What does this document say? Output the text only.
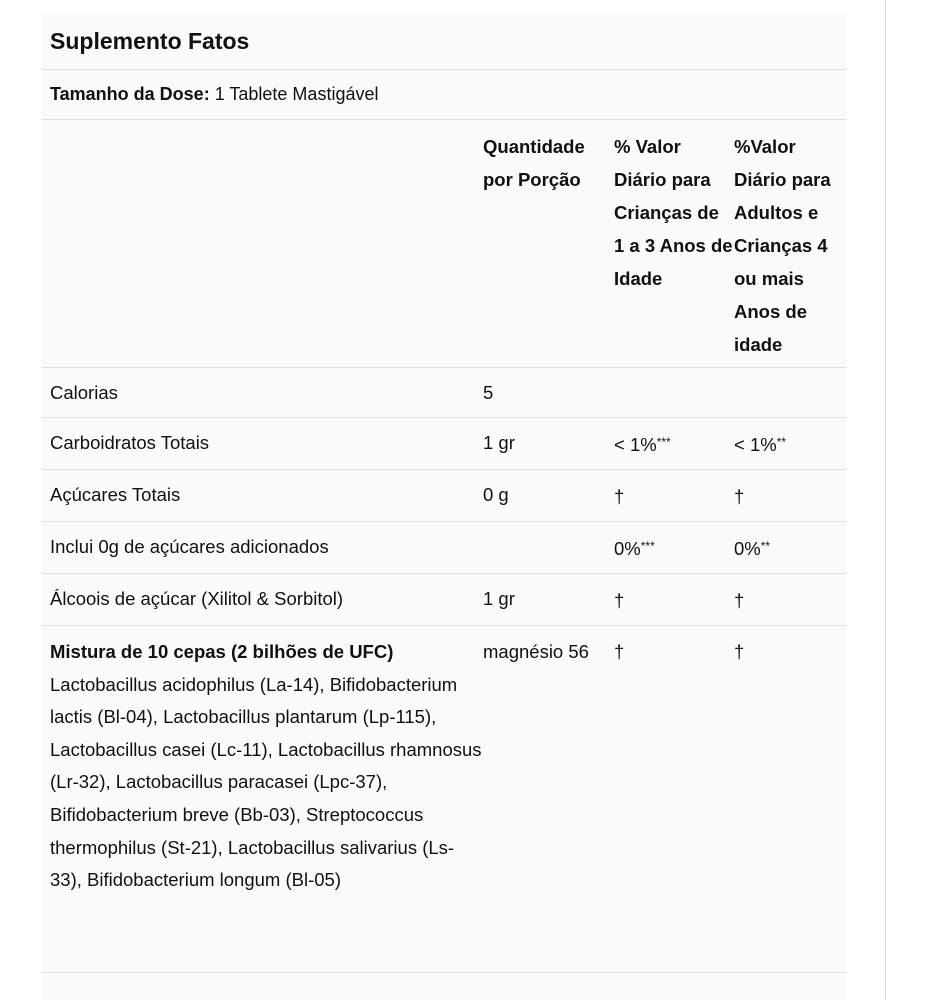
Suplemento Fatos
Tamanho da Dose: 1 Tablete Mastigável
	Quantidade por Porção	% Valor Diário para Crianças de 1 a 3 Anos de Idade	%Valor Diário para Adultos e Crianças 4 ou mais Anos de idade
Calorias	5		
Carboidratos Totais	1 gr	< 1%***	< 1%**
Açúcares Totais	0 g	†	†
Inclui 0g de açúcares adicionados		0%***	0%**
Álcoois de açúcar (Xilitol & Sorbitol)	1 gr	†	†

Mistura de 10 cepas (2 bilhões de UFC)
Lactobacillus acidophilus (La-14), Bifidobacterium lactis (Bl-04), Lactobacillus plantarum (Lp-115), Lactobacillus casei (Lc-11), Lactobacillus rhamnosus (Lr-32), Lactobacillus paracasei (Lpc-37), Bifidobacterium breve (Bb-03), Streptococcus thermophilus (St-21), Lactobacillus salivarius (Ls-33), Bifidobacterium longum (Bl-05)	magnésio 56	†	†
